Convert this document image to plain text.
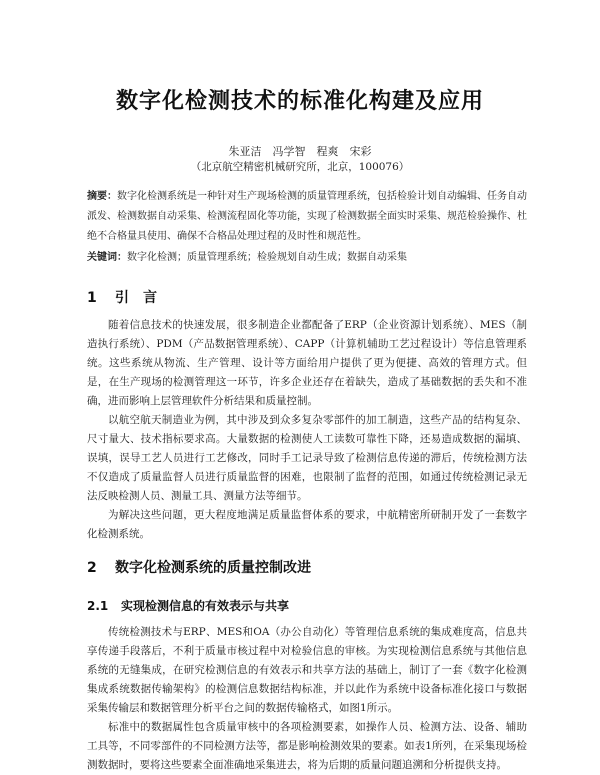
数字化检测技术的标准化构建及应用
朱亚洁　冯学智　程爽　宋彩
（北京航空精密机械研究所，北京，100076）
摘要：数字化检测系统是一种针对生产现场检测的质量管理系统，包括检验计划自动编辑、任务自动派发、检测数据自动采集、检测流程固化等功能，实现了检测数据全面实时采集、规范检验操作、杜绝不合格量具使用、确保不合格品处理过程的及时性和规范性。
关键词：数字化检测；质量管理系统；检验规划自动生成；数据自动采集
1 引　言
随着信息技术的快速发展，很多制造企业都配备了ERP（企业资源计划系统）、MES（制造执行系统）、PDM（产品数据管理系统）、CAPP（计算机辅助工艺过程设计）等信息管理系统。这些系统从物流、生产管理、设计等方面给用户提供了更为便捷、高效的管理方式。但是，在生产现场的检测管理这一环节，许多企业还存在着缺失，造成了基础数据的丢失和不准确，进而影响上层管理软件分析结果和质量控制。
以航空航天制造业为例，其中涉及到众多复杂零部件的加工制造，这些产品的结构复杂、尺寸量大、技术指标要求高。大量数据的检测使人工读数可靠性下降，还易造成数据的漏填、误填，误导工艺人员进行工艺修改，同时手工记录导致了检测信息传递的滞后，传统检测方法不仅造成了质量监督人员进行质量监督的困难，也限制了监督的范围，如通过传统检测记录无法反映检测人员、测量工具、测量方法等细节。
为解决这些问题，更大程度地满足质量监督体系的要求，中航精密所研制开发了一套数字化检测系统。
2 数字化检测系统的质量控制改进
2.1 实现检测信息的有效表示与共享
传统检测技术与ERP、MES和OA（办公自动化）等管理信息系统的集成难度高，信息共享传递手段落后，不利于质量市核过程中对检验信息的审核。为实现检测信息系统与其他信息系统的无缝集成，在研究检测信息的有效表示和共享方法的基础上，制订了一套《数字化检测集成系统数据传输架构》的检测信息数据结构标准，并以此作为系统中设备标准化接口与数据采集传输层和数据管理分析平台之间的数据传输格式，如图1所示。
标准中的数据属性包含质量审核中的各项检测要素，如操作人员、检测方法、设备、辅助工具等，不同零部件的不同检测方法等，都是影响检测效果的要素。如表1所列，在采集现场检测数据时，要将这些要素全面准确地采集进去，将为后期的质量问题追溯和分析提供支持。
